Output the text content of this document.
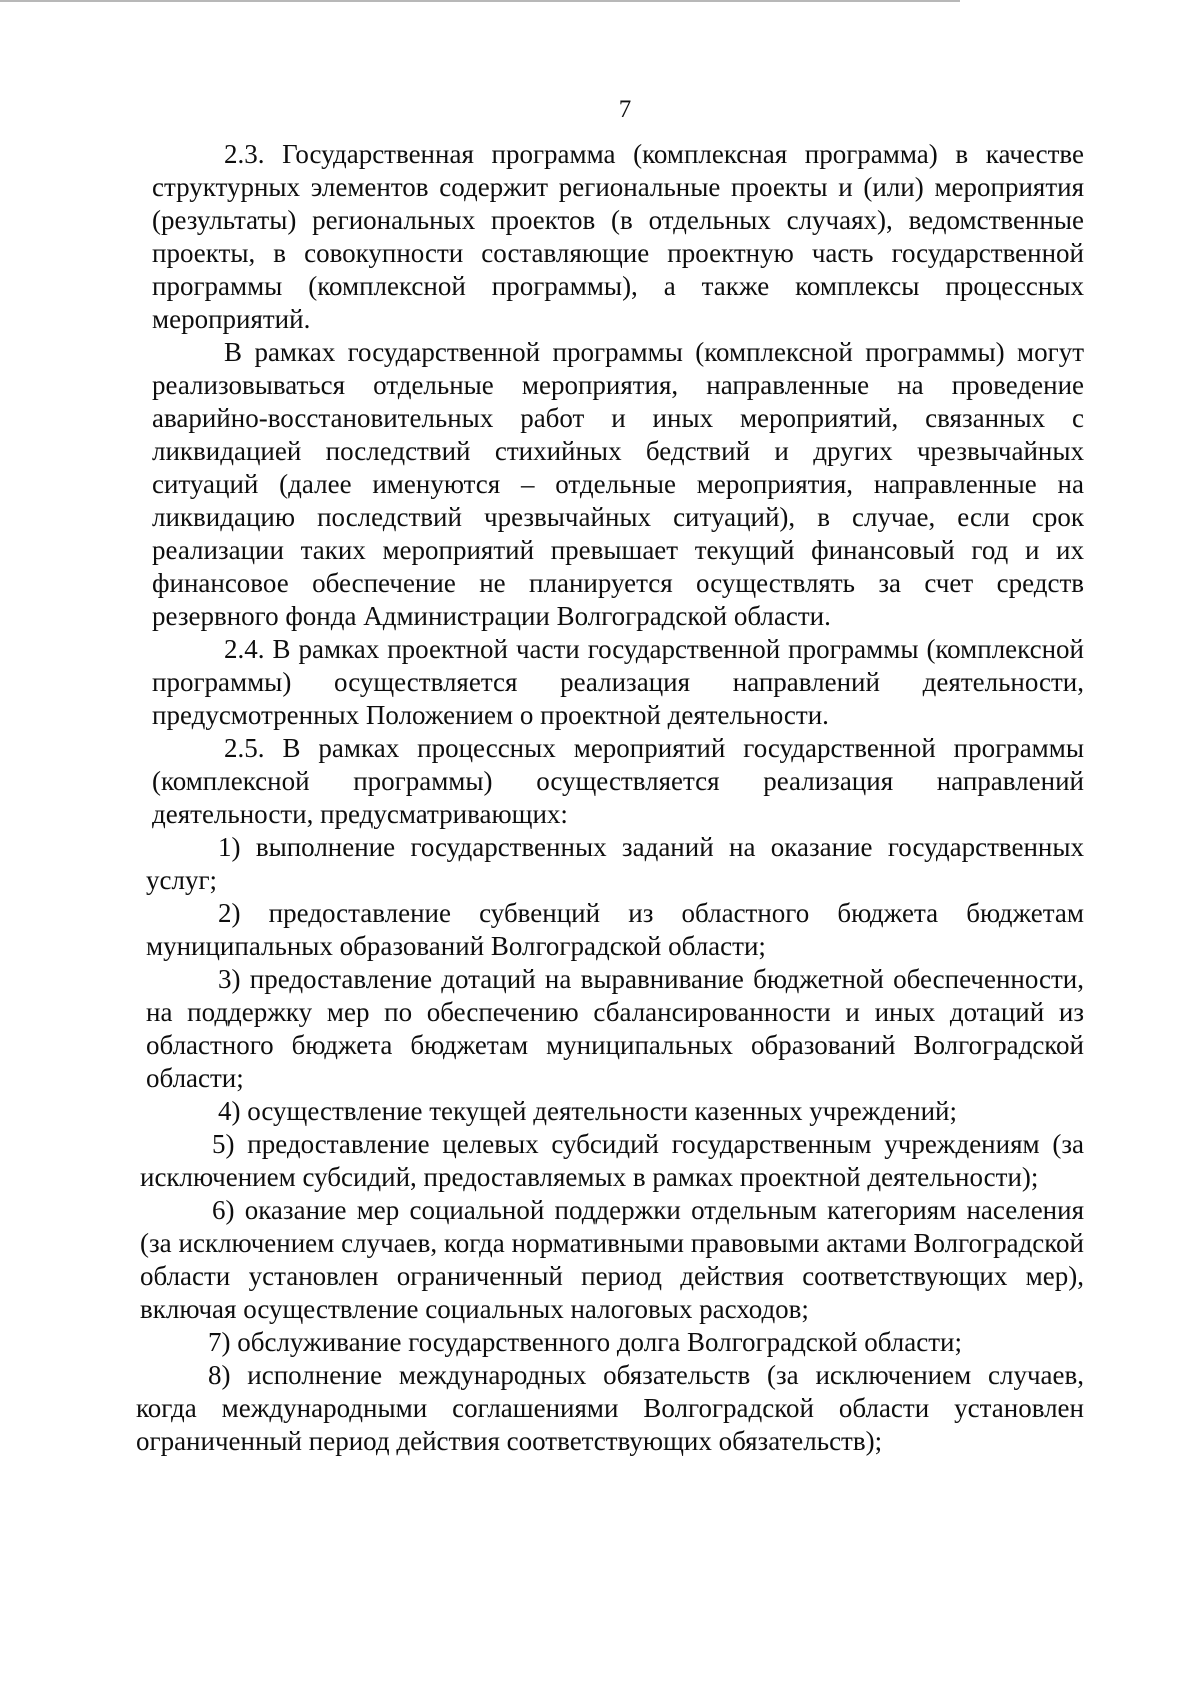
7

2.3. Государственная программа (комплексная программа) в качестве структурных элементов содержит региональные проекты и (или) мероприятия (результаты) региональных проектов (в отдельных случаях), ведомственные проекты, в совокупности составляющие проектную часть государственной программы (комплексной программы), а также комплексы процессных мероприятий.

В рамках государственной программы (комплексной программы) могут реализовываться отдельные мероприятия, направленные на проведение аварийно-восстановительных работ и иных мероприятий, связанных с ликвидацией последствий стихийных бедствий и других чрезвычайных ситуаций (далее именуются – отдельные мероприятия, направленные на ликвидацию последствий чрезвычайных ситуаций), в случае, если срок реализации таких мероприятий превышает текущий финансовый год и их финансовое обеспечение не планируется осуществлять за счет средств резервного фонда Администрации Волгоградской области.

2.4. В рамках проектной части государственной программы (комплексной программы) осуществляется реализация направлений деятельности, предусмотренных Положением о проектной деятельности.

2.5. В рамках процессных мероприятий государственной программы (комплексной программы) осуществляется реализация направлений деятельности, предусматривающих:

1) выполнение государственных заданий на оказание государственных услуг;

2) предоставление субвенций из областного бюджета бюджетам муниципальных образований Волгоградской области;

3) предоставление дотаций на выравнивание бюджетной обеспеченности, на поддержку мер по обеспечению сбалансированности и иных дотаций из областного бюджета бюджетам муниципальных образований Волгоградской области;

4) осуществление текущей деятельности казенных учреждений;

5) предоставление целевых субсидий государственным учреждениям (за исключением субсидий, предоставляемых в рамках проектной деятельности);

6) оказание мер социальной поддержки отдельным категориям населения (за исключением случаев, когда нормативными правовыми актами Волгоградской области установлен ограниченный период действия соответствующих мер), включая осуществление социальных налоговых расходов;

7) обслуживание государственного долга Волгоградской области;

8) исполнение международных обязательств (за исключением случаев, когда международными соглашениями Волгоградской области установлен ограниченный период действия соответствующих обязательств);
